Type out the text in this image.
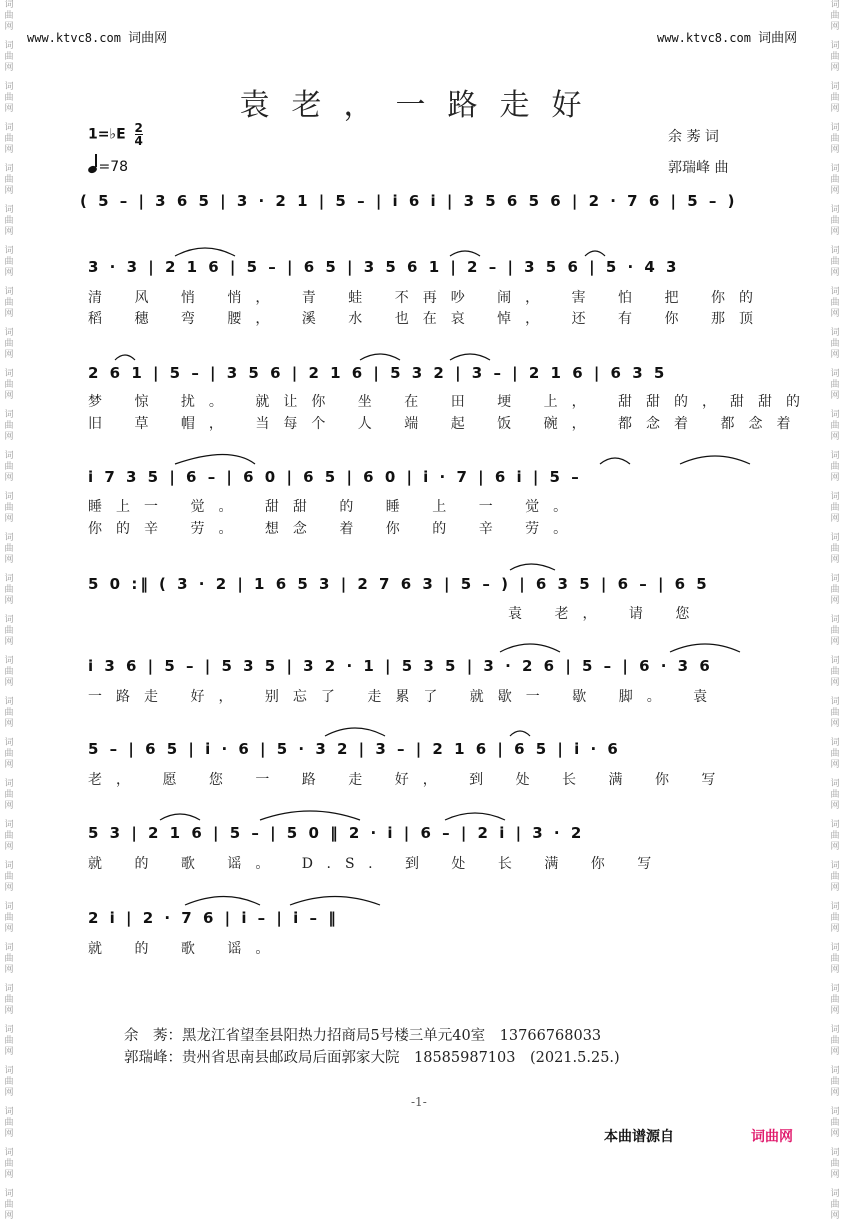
www.ktvc8.com 词曲网	www.ktvc8.com 词曲网
词
曲
网
词
曲
网
词
曲
网
词
曲
网
词
曲
网
词
曲
网
词
曲
网
词
曲
网
词
曲
网
词
曲
网
词
曲
网
词
曲
网
词
曲
网
词
曲
网
词
曲
网
词
曲
网
词
曲
网
词
曲
网
词
曲
网
词
曲
网
词
曲
网
词
曲
网
词
曲
网
词
曲
网
词
曲
网
词
曲
网
词
曲
网
词
曲
网
词
曲
网
词
曲
网
词
曲
网
词
曲
网
词
曲
网
词
曲
网
词
曲
网
词
曲
网
词
曲
网
词
曲
网
词
曲
网
词
曲
网
词
曲
网
词
曲
网
词
曲
网
词
曲
网
词
曲
网
词
曲
网
词
曲
网
词
曲
网
词
曲
网
词
曲
网
词
曲
网
词
曲
网
词
曲
网
词
曲
网
词
曲
网
词
曲
网
词
曲
网
词
曲
网
词
曲
网
词
曲
网
袁老，一路走好
1=♭E $\frac{2}{4}$
=78
余 莠 词
郭瑞峰 曲
( 5 – | 3 6 5 | 3 · 2 1 | 5 – | i 6 i | 3 5 6 5 6 | 2 · 7 6 | 5 – )
3 · 3 | 2 1 6 | 5 – | 6 5 | 3 5 6 1 | 2 – | 3 5 6 | 5 · 4 3
清 风 悄 悄， 青 蛙 不再吵 闹， 害 怕 把 你的
稻 穗 弯 腰， 溪 水 也在哀 悼， 还 有 你 那顶
2 6 1 | 5 – | 3 5 6 | 2 1 6 | 5 3 2 | 3 – | 2 1 6 | 6 3 5
梦 惊 扰。 就让你 坐 在 田 埂 上， 甜甜的，甜甜的
旧 草 帽， 当每个 人 端 起 饭 碗， 都念着 都念着
i 7 3 5 | 6 – | 6 0 | 6 5 | 6 0 | i · 7 | 6 i | 5 –
睡上一 觉。 甜甜 的 睡 上 一 觉。
你的辛 劳。 想念 着 你 的 辛 劳。
5 0 :‖ ( 3 · 2 | 1 6 5 3 | 2 7 6 3 | 5 – ) | 6 3 5 | 6 – | 6 5
袁 老， 请 您
i 3 6 | 5 – | 5 3 5 | 3 2 · 1 | 5 3 5 | 3 · 2 6 | 5 – | 6 · 3 6
一路走 好， 别忘了 走累了 就歇一 歇 脚。 袁
5 – | 6 5 | i · 6 | 5 · 3 2 | 3 – | 2 1 6 | 6 5 | i · 6
老， 愿 您 一 路 走 好， 到 处 长 满 你 写
5 3 | 2 1 6 | 5 – | 5 0 ‖ 2 · i | 6 – | 2 i | 3 · 2
就 的 歌 谣。 D.S. 到 处 长 满 你 写
2 i | 2 · 7 6 | i – | i – ‖
就 的 歌 谣。
余　莠：黑龙江省望奎县阳热力招商局5号楼三单元40室　13766768033
郭瑞峰：贵州省思南县邮政局后面郭家大院　18585987103　(2021.5.25.)
-1-
本曲谱源自	词曲网
